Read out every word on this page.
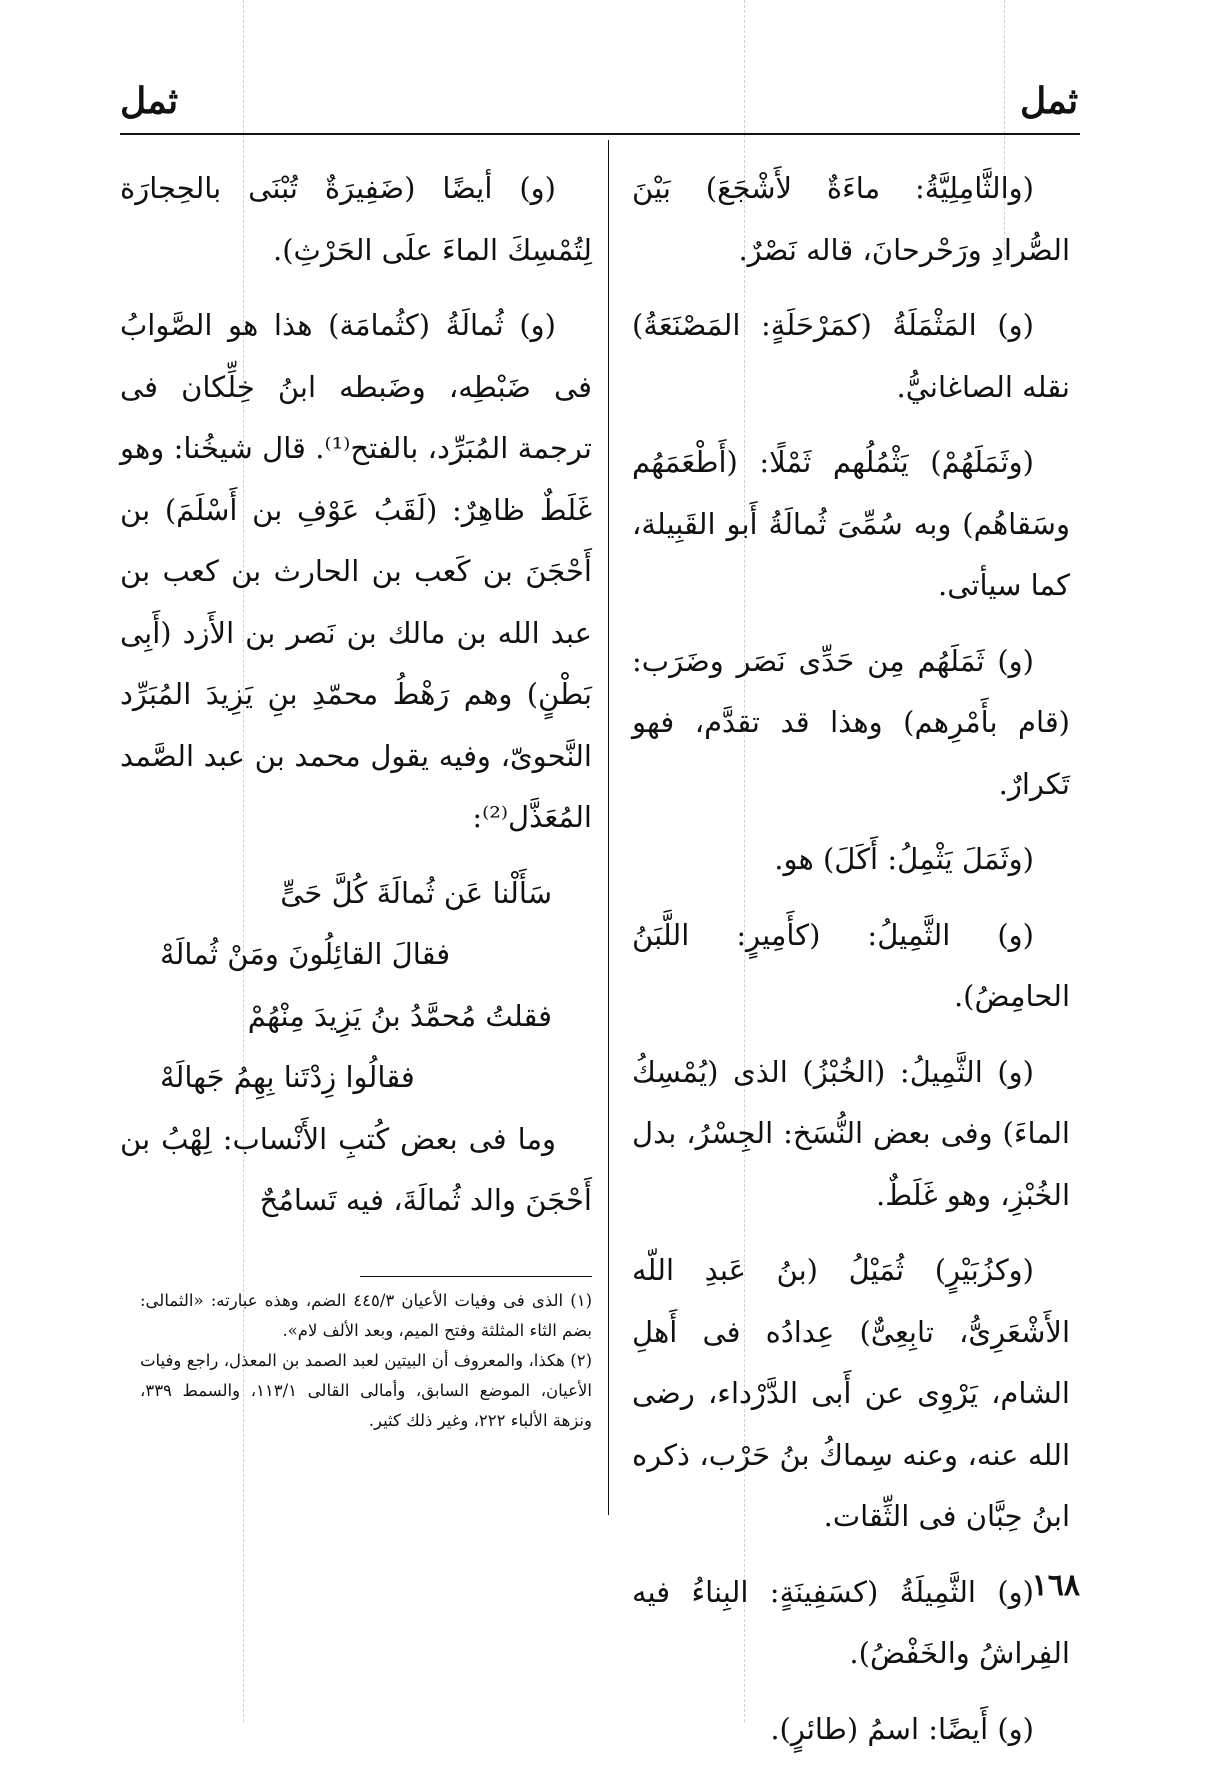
ثمل
ثمل

(والثَّامِلِيَّةُ: ماءَةٌ لأَشْجَعَ) بَيْنَ الصُّرادِ ورَحْرحانَ، قاله نَصْرٌ.

(و) المَثْمَلَةُ (كمَرْحَلَةٍ: المَصْنَعَةُ) نقله الصاغانيُّ.

(وثَمَلَهُمْ) يَثْمُلُهم ثَمْلًا: (أَطْعَمَهُم وسَقاهُم) وبه سُمِّىَ ثُمالَةُ أَبو القَبِيلة، كما سيأتى.

(و) ثَمَلَهُم مِن حَدِّى نَصَر وضَرَب: (قام بأَمْرِهم) وهذا قد تقدَّم، فهو تَكرارٌ.

(وثَمَلَ يَثْمِلُ: أَكَلَ) هو.

(و) الثَّمِيلُ: (كأَمِيرٍ: اللَّبَنُ الحامِضُ).

(و) الثَّمِيلُ: (الخُبْزُ) الذى (يُمْسِكُ الماءَ) وفى بعض النُّسَخ: الجِسْرُ، بدل الخُبْزِ، وهو غَلَطٌ.

(وكزُبَيْرٍ) ثُمَيْلُ (بنُ عَبدِ اللّه الأَشْعَرِىُّ، تابِعِىٌّ) عِدادُه فى أَهلِ الشام، يَرْوِى عن أَبى الدَّرْداء، رضى الله عنه، وعنه سِماكُ بنُ حَرْب، ذكره ابنُ حِبَّان فى الثِّقات.

(و) الثَّمِيلَةُ (كسَفِينَةٍ: البِناءُ فيه الفِراشُ والخَفْضُ).

(و) أَيضًا: اسمُ (طائرٍ).

(و) أيضًا (ضَفِيرَةٌ تُبْنَى بالحِجارَة لِتُمْسِكَ الماءَ علَى الحَرْثِ).

(و) ثُمالَةُ (كثُمامَة) هذا هو الصَّوابُ فى ضَبْطِه، وضَبطه ابنُ خِلِّكان فى ترجمة المُبَرِّد، بالفتح⁽¹⁾. قال شيخُنا: وهو غَلَطٌ ظاهِرٌ: (لَقَبُ عَوْفِ بن أَسْلَمَ) بن أَحْجَنَ بن كَعب بن الحارث بن كعب بن عبد الله بن مالك بن نَصر بن الأَزد (أَبِى بَطْنٍ) وهم رَهْطُ محمّدِ بنِ يَزِيدَ المُبَرِّد النَّحوىّ، وفيه يقول محمد بن عبد الصَّمد المُعَذَّل⁽²⁾:

سَأَلْنا عَن ثُمالَةَ كُلَّ حَىٍّ

فقالَ القائِلُونَ ومَنْ ثُمالَهْ

فقلتُ مُحمَّدُ بنُ يَزِيدَ مِنْهُمْ

فقالُوا زِدْتَنا بِهِمُ جَهالَهْ

وما فى بعض كُتبِ الأَنْساب: لِهْبُ بن أَحْجَنَ والد ثُمالَةَ، فيه تَسامُحٌ

(١) الذى فى وفيات الأعيان ٤٤٥/٣ الضم، وهذه عبارته: «الثمالى: بضم الثاء المثلثة وفتح الميم، وبعد الألف لام».

(٢) هكذا، والمعروف أن البيتين لعبد الصمد بن المعذل، راجع وفيات الأعيان، الموضع السابق، وأمالى القالى ١١٣/١، والسمط ٣٣٩، ونزهة الألباء ٢٢٢، وغير ذلك كثير.

١٦٨
